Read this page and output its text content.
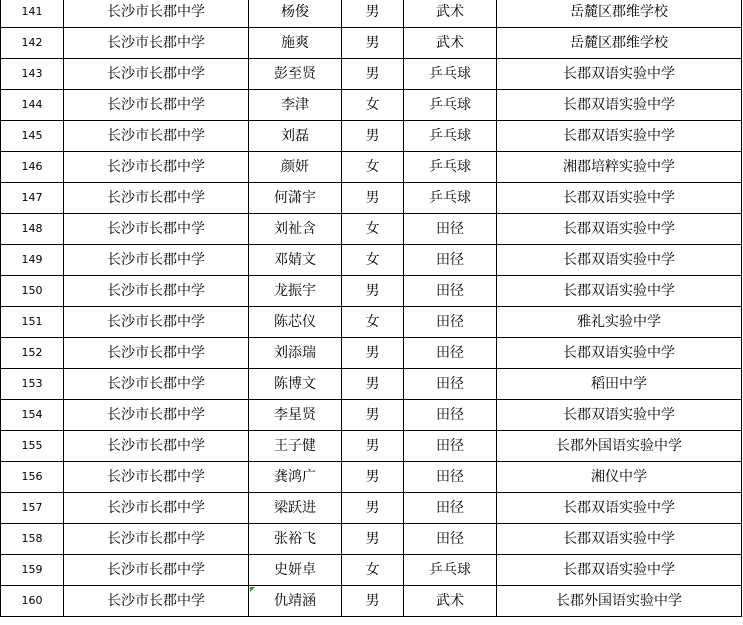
141	长沙市长郡中学	杨俊	男	武术	岳麓区郡维学校
142	长沙市长郡中学	施爽	男	武术	岳麓区郡维学校
143	长沙市长郡中学	彭至贤	男	乒乓球	长郡双语实验中学
144	长沙市长郡中学	李津	女	乒乓球	长郡双语实验中学
145	长沙市长郡中学	刘磊	男	乒乓球	长郡双语实验中学
146	长沙市长郡中学	颜妍	女	乒乓球	湘郡培粹实验中学
147	长沙市长郡中学	何潇宇	男	乒乓球	长郡双语实验中学
148	长沙市长郡中学	刘祉含	女	田径	长郡双语实验中学
149	长沙市长郡中学	邓婧文	女	田径	长郡双语实验中学
150	长沙市长郡中学	龙振宇	男	田径	长郡双语实验中学
151	长沙市长郡中学	陈芯仪	女	田径	雅礼实验中学
152	长沙市长郡中学	刘添瑞	男	田径	长郡双语实验中学
153	长沙市长郡中学	陈博文	男	田径	稻田中学
154	长沙市长郡中学	李星贤	男	田径	长郡双语实验中学
155	长沙市长郡中学	王子健	男	田径	长郡外国语实验中学
156	长沙市长郡中学	龚鸿广	男	田径	湘仪中学
157	长沙市长郡中学	梁跃进	男	田径	长郡双语实验中学
158	长沙市长郡中学	张裕飞	男	田径	长郡双语实验中学
159	长沙市长郡中学	史妍卓	女	乒乓球	长郡双语实验中学
160	长沙市长郡中学	仇靖涵	男	武术	长郡外国语实验中学
